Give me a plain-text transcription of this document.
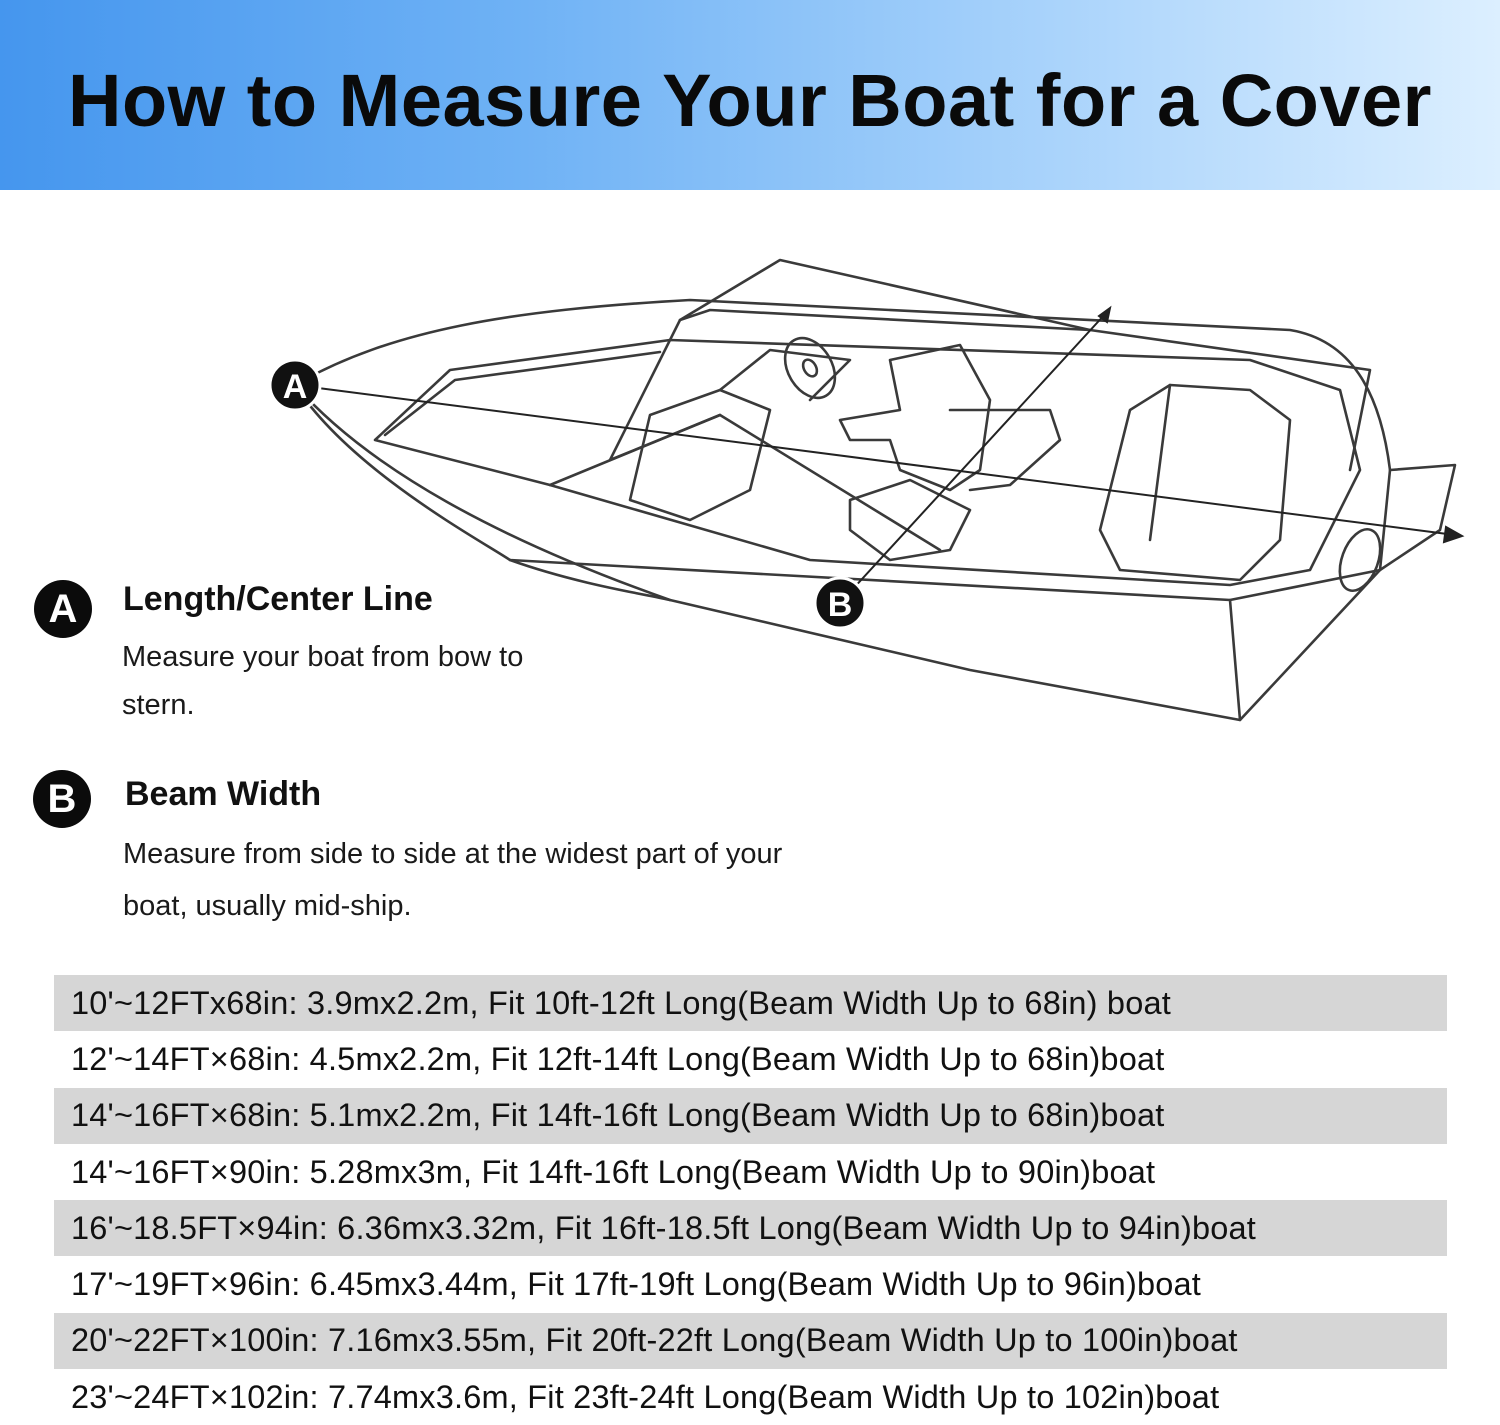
How to Measure Your Boat for a Cover
A
B
A Length/Center Line
Measure your boat from bow to stern.
B Beam Width
Measure from side to side at the widest part of your boat, usually mid-ship.
10'~12FTx68in: 3.9mx2.2m, Fit 10ft-12ft Long(Beam Width Up to 68in) boat
12'~14FT×68in: 4.5mx2.2m, Fit 12ft-14ft Long(Beam Width Up to 68in)boat
14'~16FT×68in: 5.1mx2.2m, Fit 14ft-16ft Long(Beam Width Up to 68in)boat
14'~16FT×90in: 5.28mx3m, Fit 14ft-16ft Long(Beam Width Up to 90in)boat
16'~18.5FT×94in: 6.36mx3.32m, Fit 16ft-18.5ft Long(Beam Width Up to 94in)boat
17'~19FT×96in: 6.45mx3.44m, Fit 17ft-19ft Long(Beam Width Up to 96in)boat
20'~22FT×100in: 7.16mx3.55m, Fit 20ft-22ft Long(Beam Width Up to 100in)boat
23'~24FT×102in: 7.74mx3.6m, Fit 23ft-24ft Long(Beam Width Up to 102in)boat
